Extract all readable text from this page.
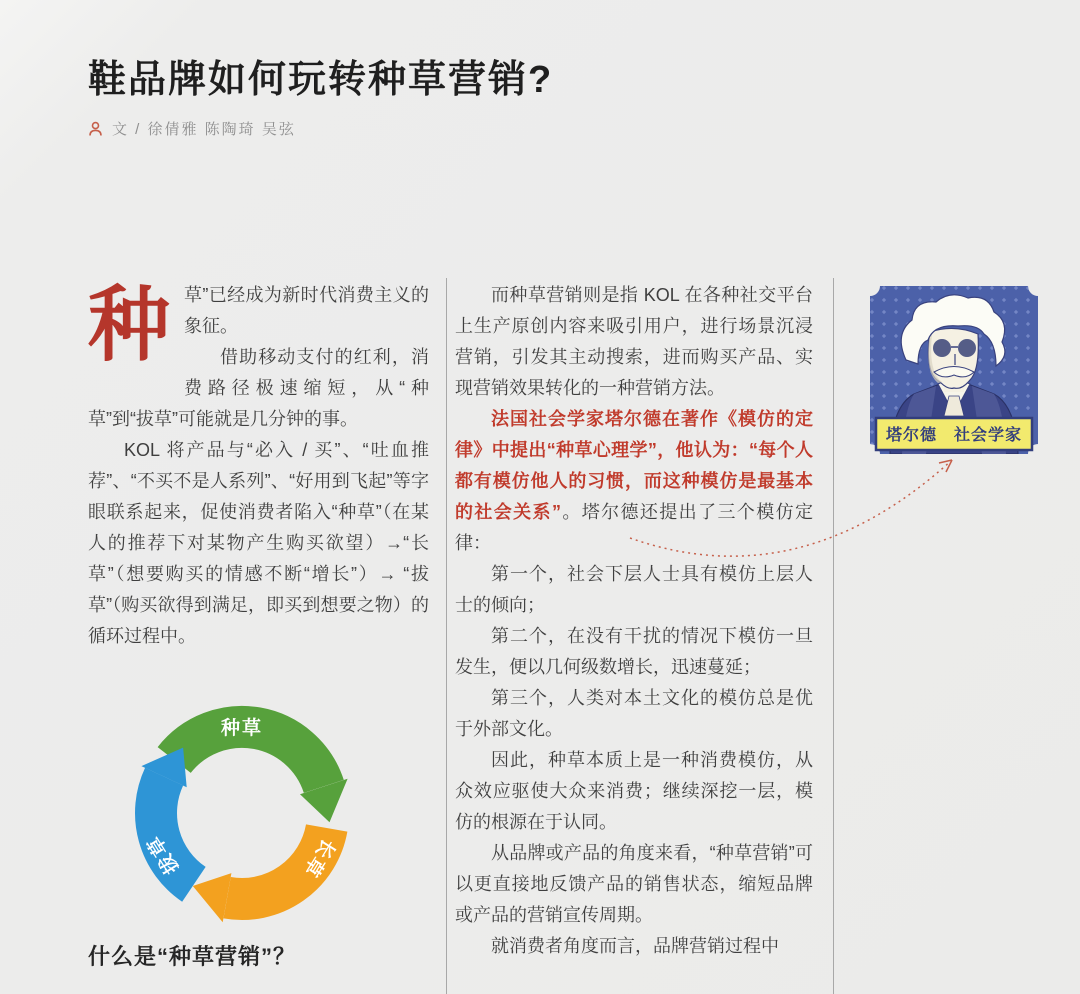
鞋品牌如何玩转种草营销?
文 / 徐倩雅 陈陶琦 吴弦
种 草”已经成为新时代消费主义的象征。

借助移动支付的红利，消费路径极速缩短，从“种草”到“拔草”可能就是几分钟的事。

KOL 将产品与“必入 / 买”、“吐血推荐”、“不买不是人系列”、“好用到飞起”等字眼联系起来，促使消费者陷入“种草”（在某人的推荐下对某物产生购买欲望）→“长草”（想要购买的情感不断“增长”）→ “拔草”（购买欲得到满足，即买到想要之物）的循环过程中。

种草
长草
拔草
什么是“种草营销”？

而种草营销则是指 KOL 在各种社交平台上生产原创内容来吸引用户，进行场景沉浸营销，引发其主动搜索，进而购买产品、实现营销效果转化的一种营销方法。

法国社会学家塔尔德在著作《模仿的定律》中提出“种草心理学”，他认为：“每个人都有模仿他人的习惯，而这种模仿是最基本的社会关系”。塔尔德还提出了三个模仿定律：

第一个，社会下层人士具有模仿上层人士的倾向；

第二个，在没有干扰的情况下模仿一旦发生，便以几何级数增长，迅速蔓延；

第三个，人类对本土文化的模仿总是优于外部文化。

因此，种草本质上是一种消费模仿，从众效应驱使大众来消费；继续深挖一层，模仿的根源在于认同。

从品牌或产品的角度来看，“种草营销”可以更直接地反馈产品的销售状态，缩短品牌或产品的营销宣传周期。

就消费者角度而言，品牌营销过程中

塔尔德　社会学家
